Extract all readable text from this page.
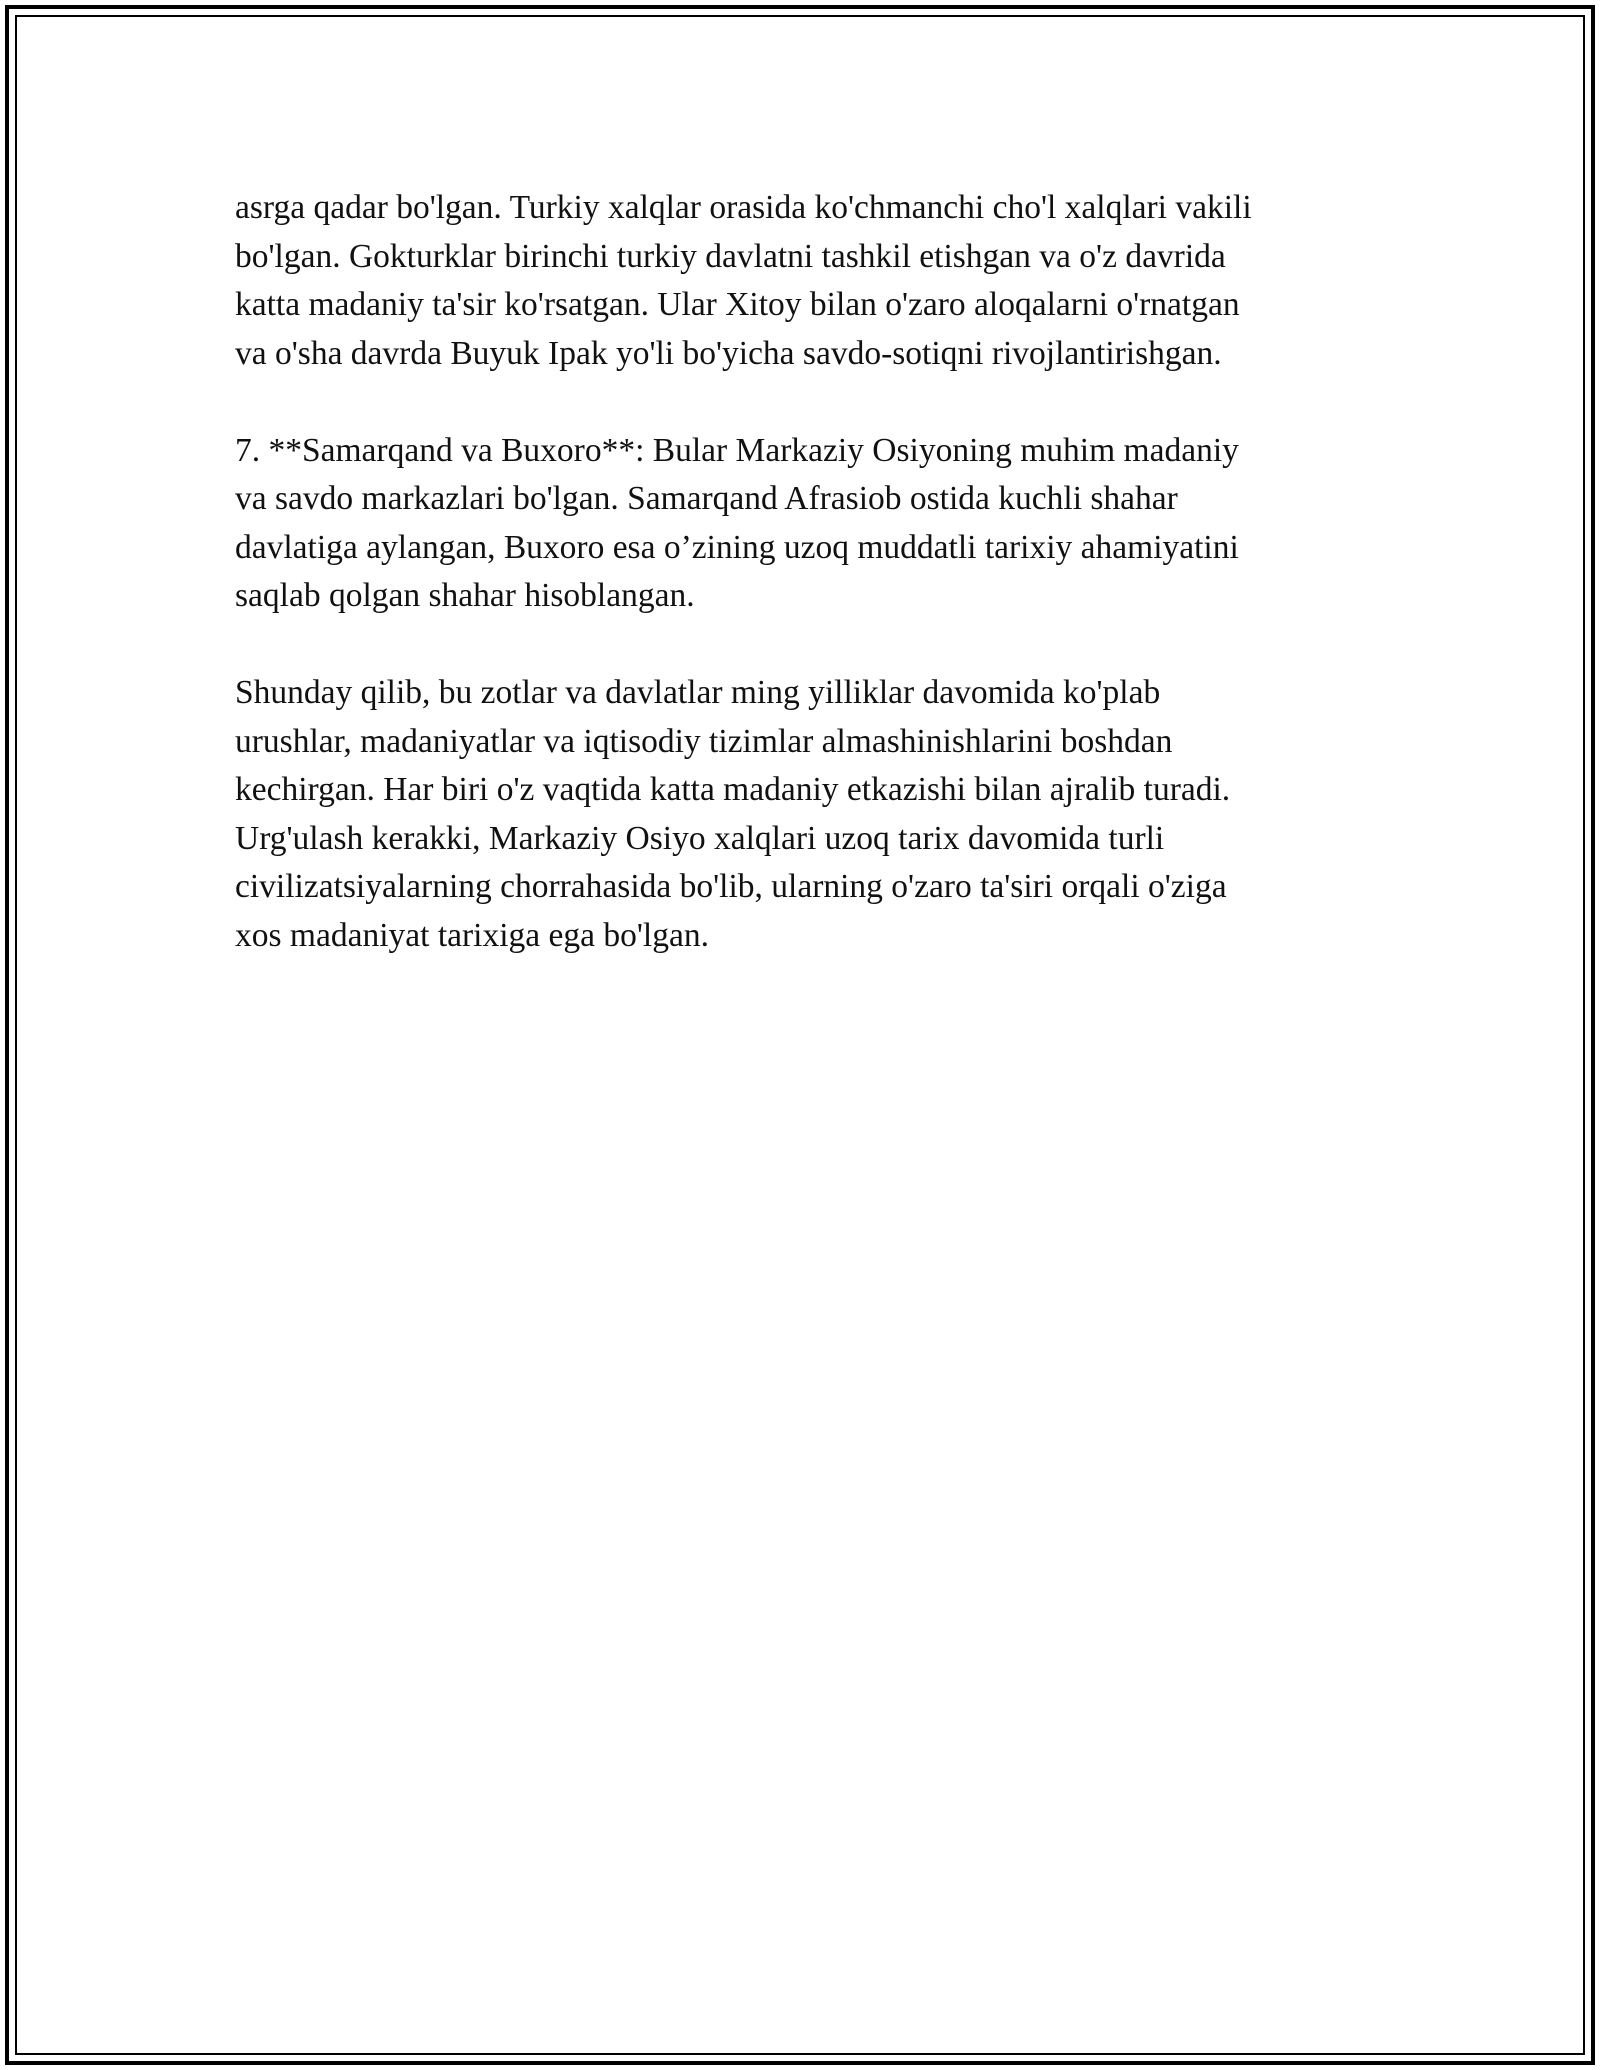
asrga qadar bo'lgan. Turkiy xalqlar orasida ko'chmanchi cho'l xalqlari vakili
bo'lgan. Gokturklar birinchi turkiy davlatni tashkil etishgan va o'z davrida
katta madaniy ta'sir ko'rsatgan. Ular Xitoy bilan o'zaro aloqalarni o'rnatgan
va o'sha davrda Buyuk Ipak yo'li bo'yicha savdo-sotiqni rivojlantirishgan.

7. **Samarqand va Buxoro**: Bular Markaziy Osiyoning muhim madaniy
va savdo markazlari bo'lgan. Samarqand Afrasiob ostida kuchli shahar
davlatiga aylangan, Buxoro esa o’zining uzoq muddatli tarixiy ahamiyatini
saqlab qolgan shahar hisoblangan.

Shunday qilib, bu zotlar va davlatlar ming yilliklar davomida ko'plab
urushlar, madaniyatlar va iqtisodiy tizimlar almashinishlarini boshdan
kechirgan. Har biri o'z vaqtida katta madaniy etkazishi bilan ajralib turadi.
Urg'ulash kerakki, Markaziy Osiyo xalqlari uzoq tarix davomida turli
civilizatsiyalarning chorrahasida bo'lib, ularning o'zaro ta'siri orqali o'ziga
xos madaniyat tarixiga ega bo'lgan.
